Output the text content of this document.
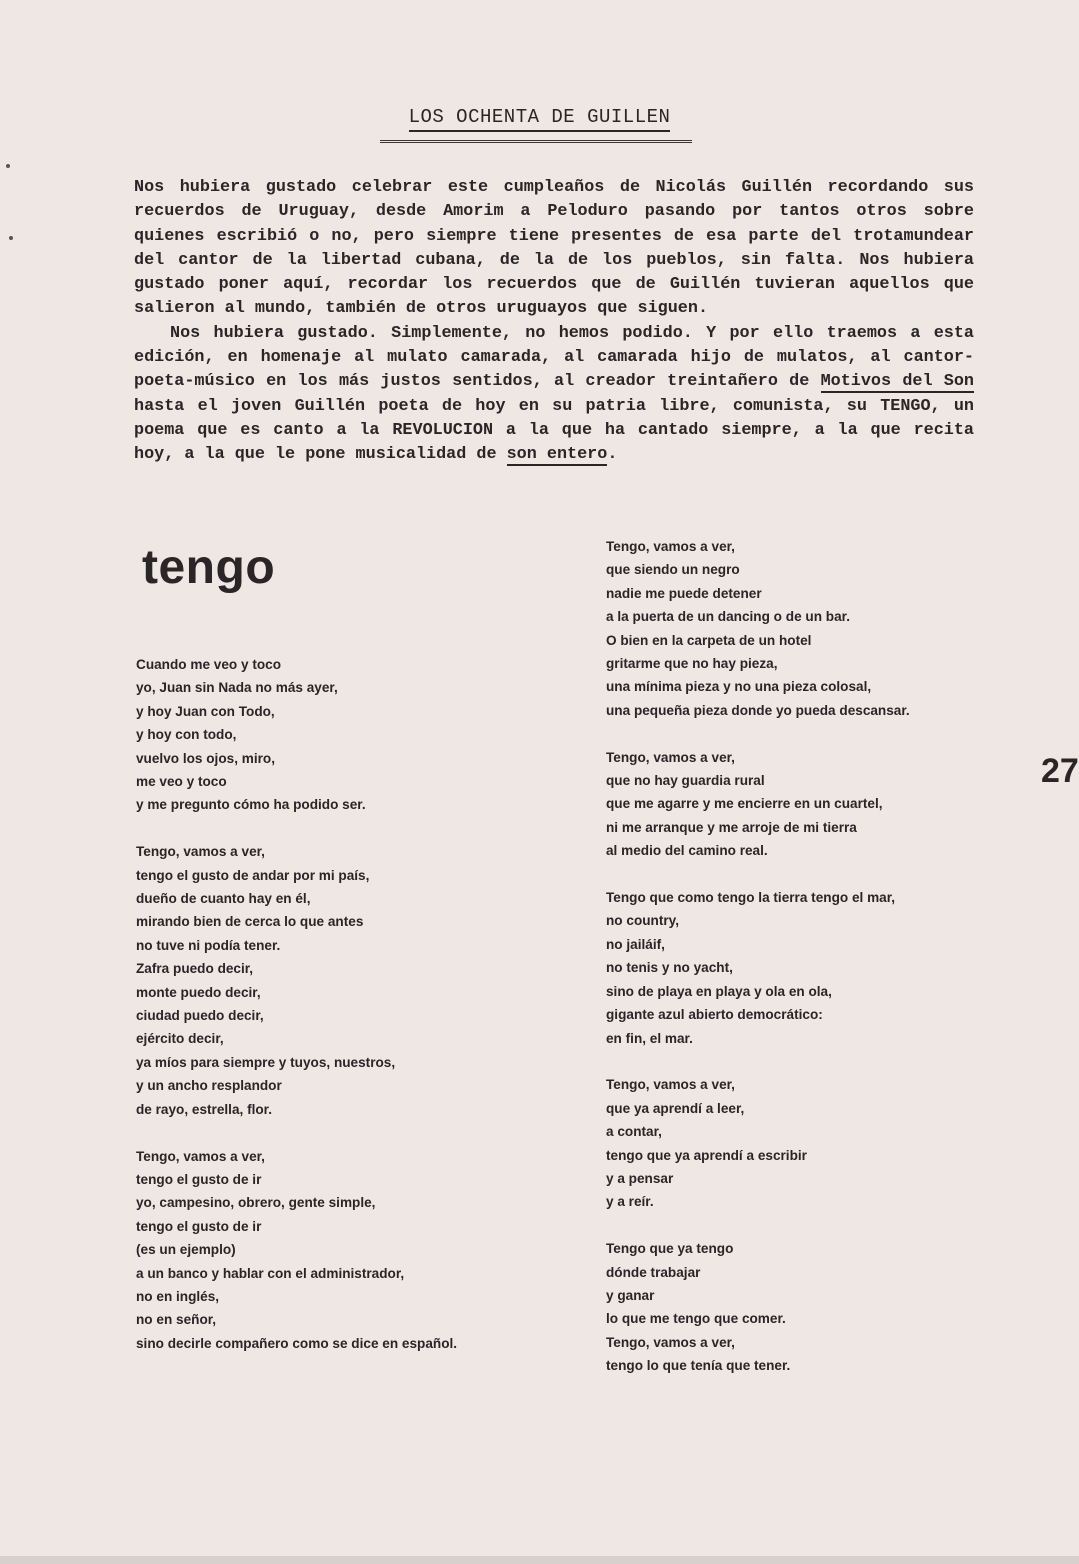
LOS OCHENTA DE GUILLEN

Nos hubiera gustado celebrar este cumpleaños de Nicolás Guillén recordando sus recuerdos de Uruguay, desde Amorim a Peloduro pasando por tantos otros sobre quienes escribió o no, pero siempre tiene presentes de esa parte del trotamundear del cantor de la libertad cubana, de la de los pueblos, sin falta. Nos hubiera gustado poner aquí, recordar los recuerdos que de Guillén tuvieran aquellos que salieron al mundo, también de otros uruguayos que siguen.

Nos hubiera gustado. Simplemente, no hemos podido. Y por ello traemos a esta edición, en homenaje al mulato camarada, al camarada hijo de mulatos, al cantor-poeta-músico en los más justos sentidos, al creador treintañero de Motivos del Son hasta el joven Guillén poeta de hoy en su patria libre, comunista, su TENGO, un poema que es canto a la REVOLUCION a la que ha cantado siempre, a la que recita hoy, a la que le pone musicalidad de son entero.

tengo
Cuando me veo y toco
yo, Juan sin Nada no más ayer,
y hoy Juan con Todo,
y hoy con todo,
vuelvo los ojos, miro,
me veo y toco
y me pregunto cómo ha podido ser.
Tengo, vamos a ver,
tengo el gusto de andar por mi país,
dueño de cuanto hay en él,
mirando bien de cerca lo que antes
no tuve ni podía tener.
Zafra puedo decir,
monte puedo decir,
ciudad puedo decir,
ejército decir,
ya míos para siempre y tuyos, nuestros,
y un ancho resplandor
de rayo, estrella, flor.
Tengo, vamos a ver,
tengo el gusto de ir
yo, campesino, obrero, gente simple,
tengo el gusto de ir
(es un ejemplo)
a un banco y hablar con el administrador,
no en inglés,
no en señor,
sino decirle compañero como se dice en español.
Tengo, vamos a ver,
que siendo un negro
nadie me puede detener
a la puerta de un dancing o de un bar.
O bien en la carpeta de un hotel
gritarme que no hay pieza,
una mínima pieza y no una pieza colosal,
una pequeña pieza donde yo pueda descansar.
Tengo, vamos a ver,
que no hay guardia rural
que me agarre y me encierre en un cuartel,
ni me arranque y me arroje de mi tierra
al medio del camino real.
Tengo que como tengo la tierra tengo el mar,
no country,
no jailáif,
no tenis y no yacht,
sino de playa en playa y ola en ola,
gigante azul abierto democrático:
en fin, el mar.
Tengo, vamos a ver,
que ya aprendí a leer,
a contar,
tengo que ya aprendí a escribir
y a pensar
y a reír.
Tengo que ya tengo
dónde trabajar
y ganar
lo que me tengo que comer.
Tengo, vamos a ver,
tengo lo que tenía que tener.
27
